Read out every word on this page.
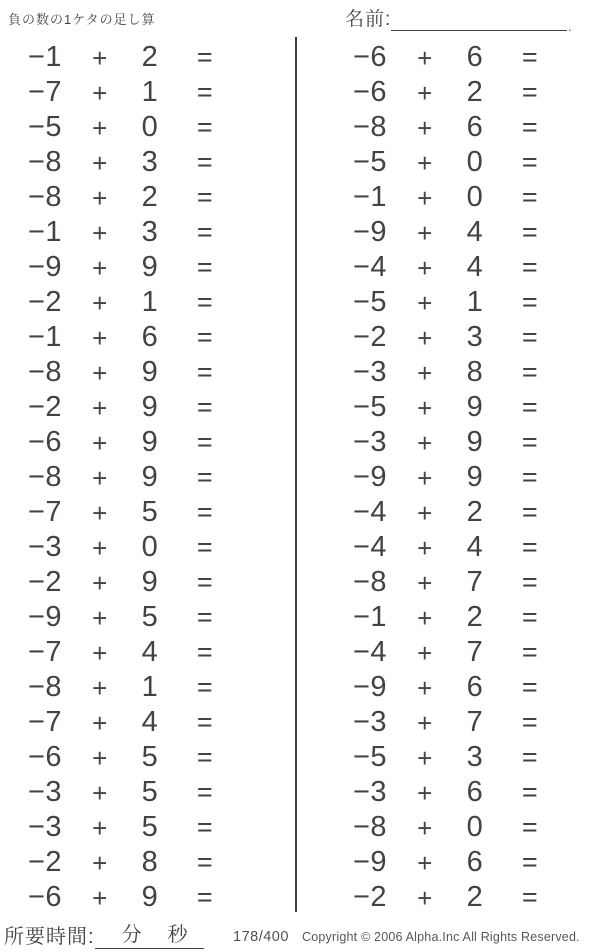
負の数の1ケタの足し算	名前:	.
−1	+	2	=
−7	+	1	=
−5	+	0	=
−8	+	3	=
−8	+	2	=
−1	+	3	=
−9	+	9	=
−2	+	1	=
−1	+	6	=
−8	+	9	=
−2	+	9	=
−6	+	9	=
−8	+	9	=
−7	+	5	=
−3	+	0	=
−2	+	9	=
−9	+	5	=
−7	+	4	=
−8	+	1	=
−7	+	4	=
−6	+	5	=
−3	+	5	=
−3	+	5	=
−2	+	8	=
−6	+	9	=
−6	+	6	=
−6	+	2	=
−8	+	6	=
−5	+	0	=
−1	+	0	=
−9	+	4	=
−4	+	4	=
−5	+	1	=
−2	+	3	=
−3	+	8	=
−5	+	9	=
−3	+	9	=
−9	+	9	=
−4	+	2	=
−4	+	4	=
−8	+	7	=
−1	+	2	=
−4	+	7	=
−9	+	6	=
−3	+	7	=
−5	+	3	=
−3	+	6	=
−8	+	0	=
−9	+	6	=
−2	+	2	=
所要時間: 分 秒	178/400 Copyright © 2006 Alpha.Inc All Rights Reserved.
